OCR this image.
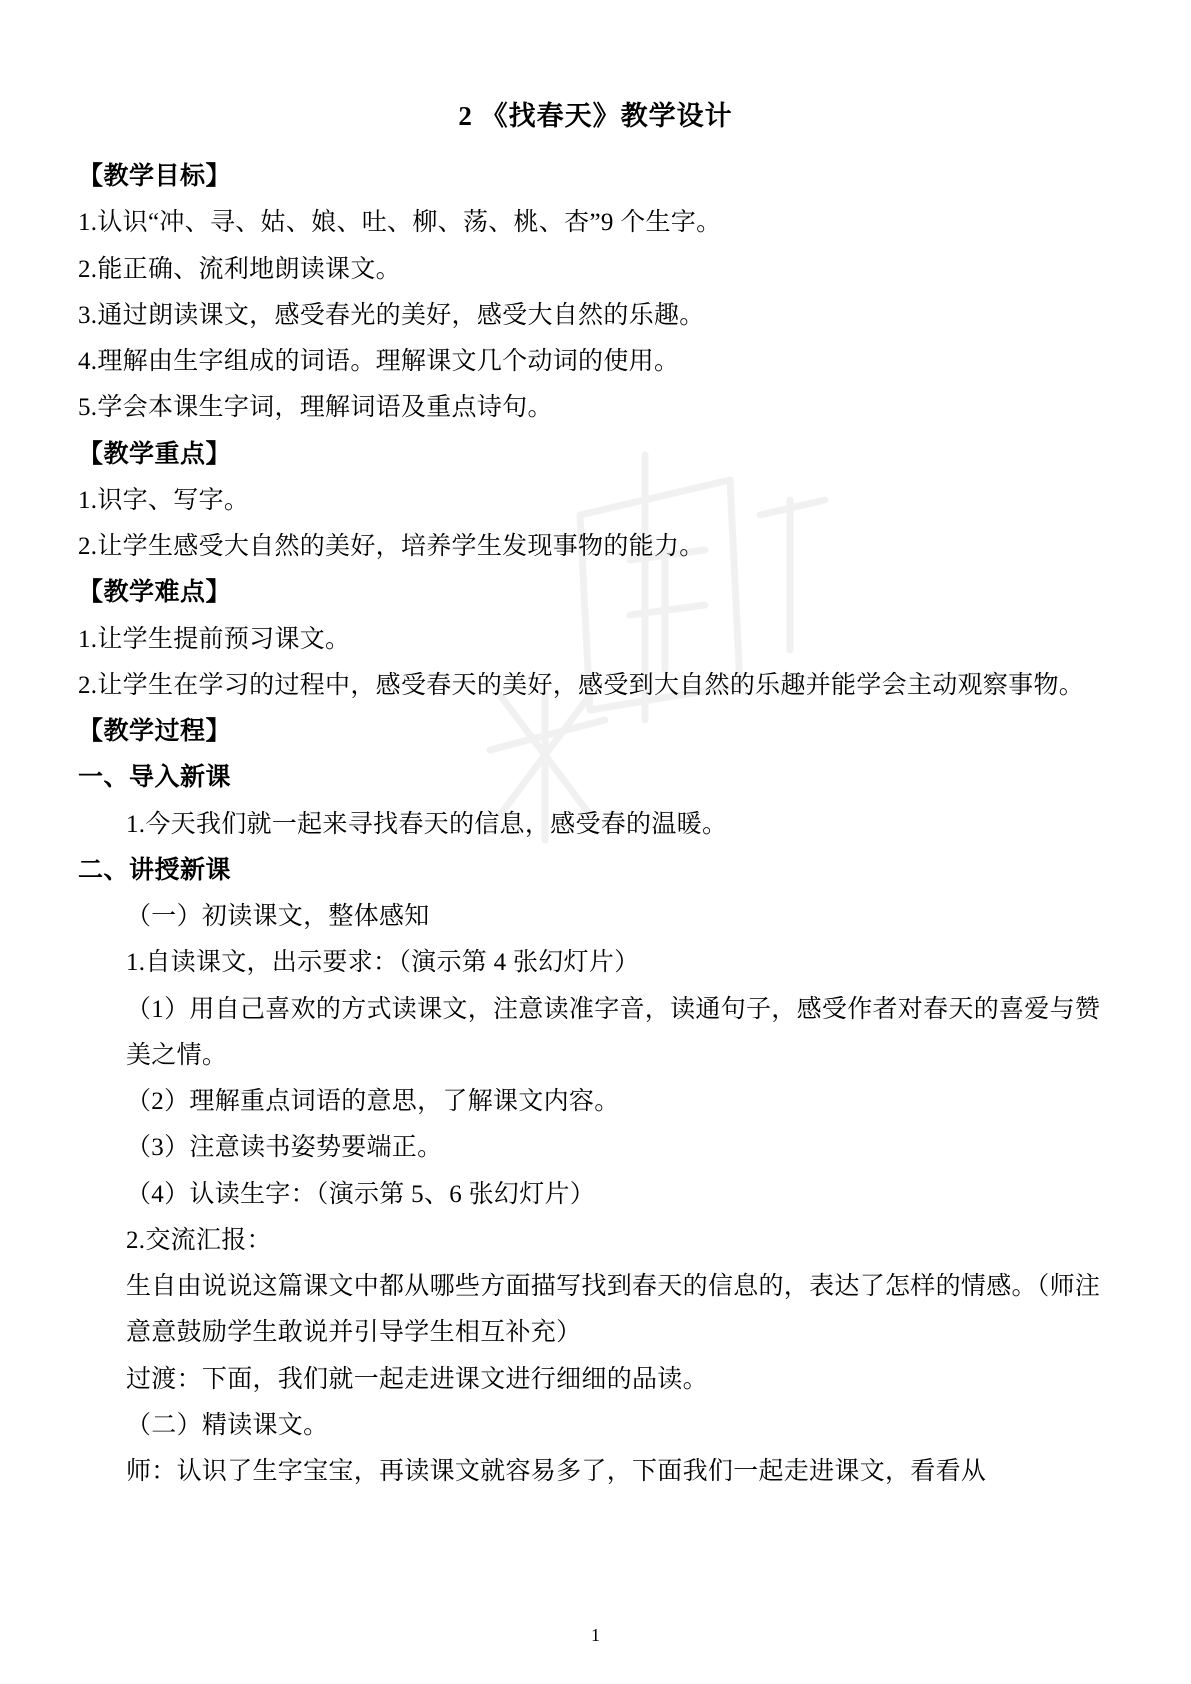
2 《找春天》教学设计
【教学目标】
1.认识“冲、寻、姑、娘、吐、柳、荡、桃、杏”9 个生字。
2.能正确、流利地朗读课文。
3.通过朗读课文，感受春光的美好，感受大自然的乐趣。
4.理解由生字组成的词语。理解课文几个动词的使用。
5.学会本课生字词，理解词语及重点诗句。
【教学重点】
1.识字、写字。
2.让学生感受大自然的美好，培养学生发现事物的能力。
【教学难点】
1.让学生提前预习课文。
2.让学生在学习的过程中，感受春天的美好，感受到大自然的乐趣并能学会主动观察事物。
【教学过程】
一、导入新课
1.今天我们就一起来寻找春天的信息，感受春的温暖。
二、讲授新课
（一）初读课文，整体感知
1.自读课文，出示要求：（演示第 4 张幻灯片）
（1）用自己喜欢的方式读课文，注意读准字音，读通句子，感受作者对春天的喜爱与赞美之情。
（2）理解重点词语的意思，了解课文内容。
（3）注意读书姿势要端正。
（4）认读生字：（演示第 5、6 张幻灯片）
2.交流汇报：
生自由说说这篇课文中都从哪些方面描写找到春天的信息的，表达了怎样的情感。（师注意意鼓励学生敢说并引导学生相互补充）
过渡：下面，我们就一起走进课文进行细细的品读。
（二）精读课文。
师：认识了生字宝宝，再读课文就容易多了，下面我们一起走进课文，看看从
1
